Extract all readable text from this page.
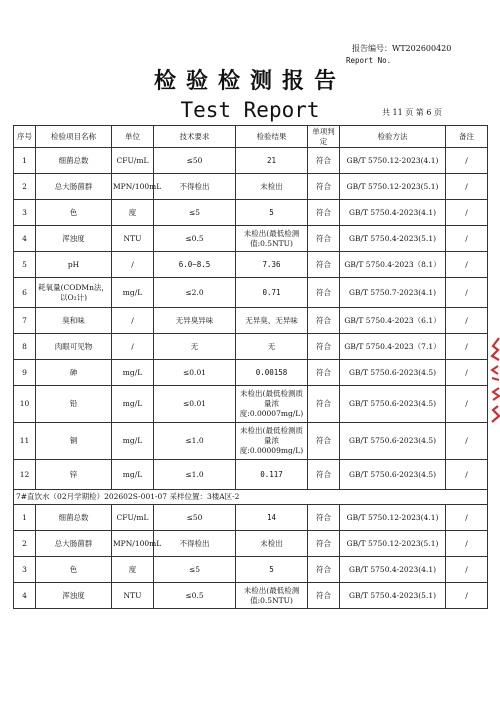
报告编号：WT202600420
Report No.
检验检测报告
Test Report	共 11 页 第 6 页
序号	检验项目名称	单位	技术要求	检验结果	单项判定	检验方法	备注
1	细菌总数	CFU/mL	≤50	21	符合	GB/T 5750.12-2023(4.1)	/
2	总大肠菌群	MPN/100mL	不得检出	未检出	符合	GB/T 5750.12-2023(5.1)	/
3	色	度	≤5	5	符合	GB/T 5750.4-2023(4.1)	/
4	浑浊度	NTU	≤0.5	未检出(最低检测值:0.5NTU)	符合	GB/T 5750.4-2023(5.1)	/
5	pH	/	6.0~8.5	7.36	符合	GB/T 5750.4-2023（8.1）	/
6	耗氧量(CODMn法，以O₂计)	mg/L	≤2.0	0.71	符合	GB/T 5750.7-2023(4.1)	/
7	臭和味	/	无异臭异味	无异臭、无异味	符合	GB/T 5750.4-2023（6.1）	/
8	肉眼可见物	/	无	无	符合	GB/T 5750.4-2023（7.1）	/
9	砷	mg/L	≤0.01	0.00158	符合	GB/T 5750.6-2023(4.5)	/
10	铅	mg/L	≤0.01	未检出(最低检测质量浓度:0.00007mg/L)	符合	GB/T 5750.6-2023(4.5)	/
11	铜	mg/L	≤1.0	未检出(最低检测质量浓度:0.00009mg/L)	符合	GB/T 5750.6-2023(4.5)	/
12	锌	mg/L	≤1.0	0.117	符合	GB/T 5750.6-2023(4.5)	/
7#直饮水（02月学期检）202602S-001-07 采样位置：3楼A区-2							
1	细菌总数	CFU/mL	≤50	14	符合	GB/T 5750.12-2023(4.1)	/
2	总大肠菌群	MPN/100mL	不得检出	未检出	符合	GB/T 5750.12-2023(5.1)	/
3	色	度	≤5	5	符合	GB/T 5750.4-2023(4.1)	/
4	浑浊度	NTU	≤0.5	未检出(最低检测值:0.5NTU)	符合	GB/T 5750.4-2023(5.1)	/
